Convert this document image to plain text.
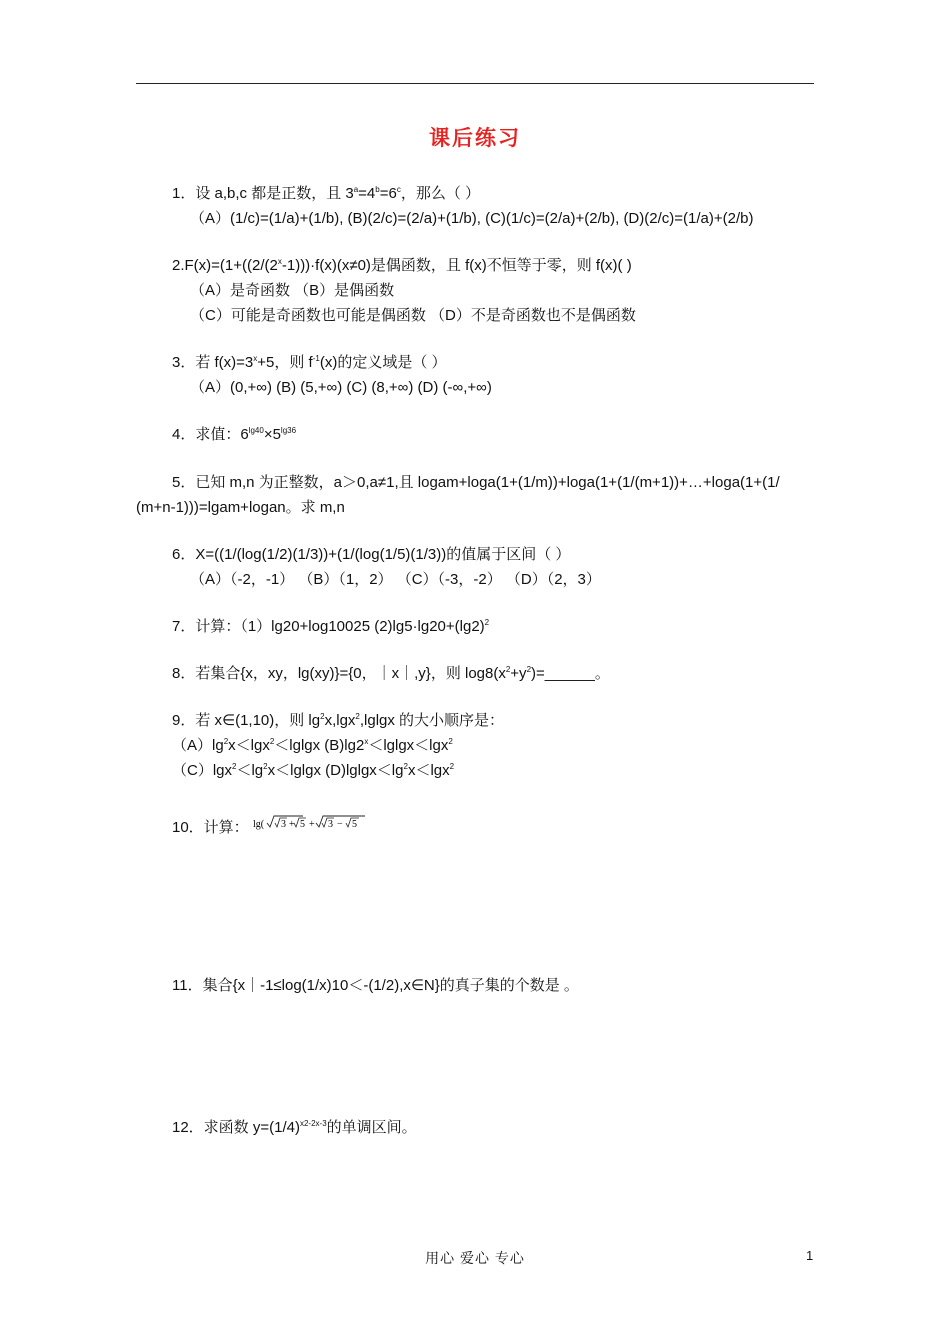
课后练习
1．设 a,b,c 都是正数，且 $3^a=4^b=6^c$，那么（ ）
（A）(1/c)=(1/a)+(1/b), (B)(2/c)=(2/a)+(1/b), (C)(1/c)=(2/a)+(2/b), (D)(2/c)=(1/a)+(2/b)
$2.F(x)=(1+((2/(2^x-1)))\cdot f(x)(x\ne 0)$是偶函数，且 f(x)不恒等于零，则 f(x)( )
（A）是奇函数 （B）是偶函数
（C）可能是奇函数也可能是偶函数 （D）不是奇函数也不是偶函数
3．若 $f(x)=3^x+5$，则 $f^{-1}(x)$的定义域是（ ）
（A）(0,+∞) (B) (5,+∞) (C) (8,+∞) (D) (-∞,+∞)
4．求值：$6^{lg40}\times 5^{lg36}$
5．已知 m,n 为正整数，a＞0,a≠1,且 logam+loga(1+(1/m))+loga(1+(1/(m+1))+…+loga(1+(1/
(m+n-1)))=lgam+logan。求 m,n
6．X=((1/(log(1/2)(1/3))+(1/(log(1/5)(1/3))的值属于区间（ ）
（A）（-2，-1） （B）（1，2） （C）（-3，-2） （D）（2，3）
7．计算：（1）lg20+log10025 $(2)\lg 5\cdot\lg 20+(\lg 2)^2$
8．若集合{x，xy，lg(xy)}={0，｜x｜,y}，则 $\log 8(x^2+y^2)=\_\_\_\_\_\_$。
9．若 x∈(1,10)，则 $\lg^2x,\lg x^2,lglgx$ 的大小顺序是：
$(A)\lg^2x<\lg x^2<lglgx$ $(B)\lg 2^x<lglgx<\lg x^2$
$(C)\lg x^2<\lg^2x<lglgx$ $(D)lglgx<\lg^2x<\lg x^2$
10．计算： lg( 3 + 5 + 3 − 5
11．集合{x｜-1≤log(1/x)10＜-(1/2),x∈N}的真子集的个数是 。
12．求函数 $y=(1/4)^{x2-2x-3}$的单调区间。
用心 爱心 专心	1
